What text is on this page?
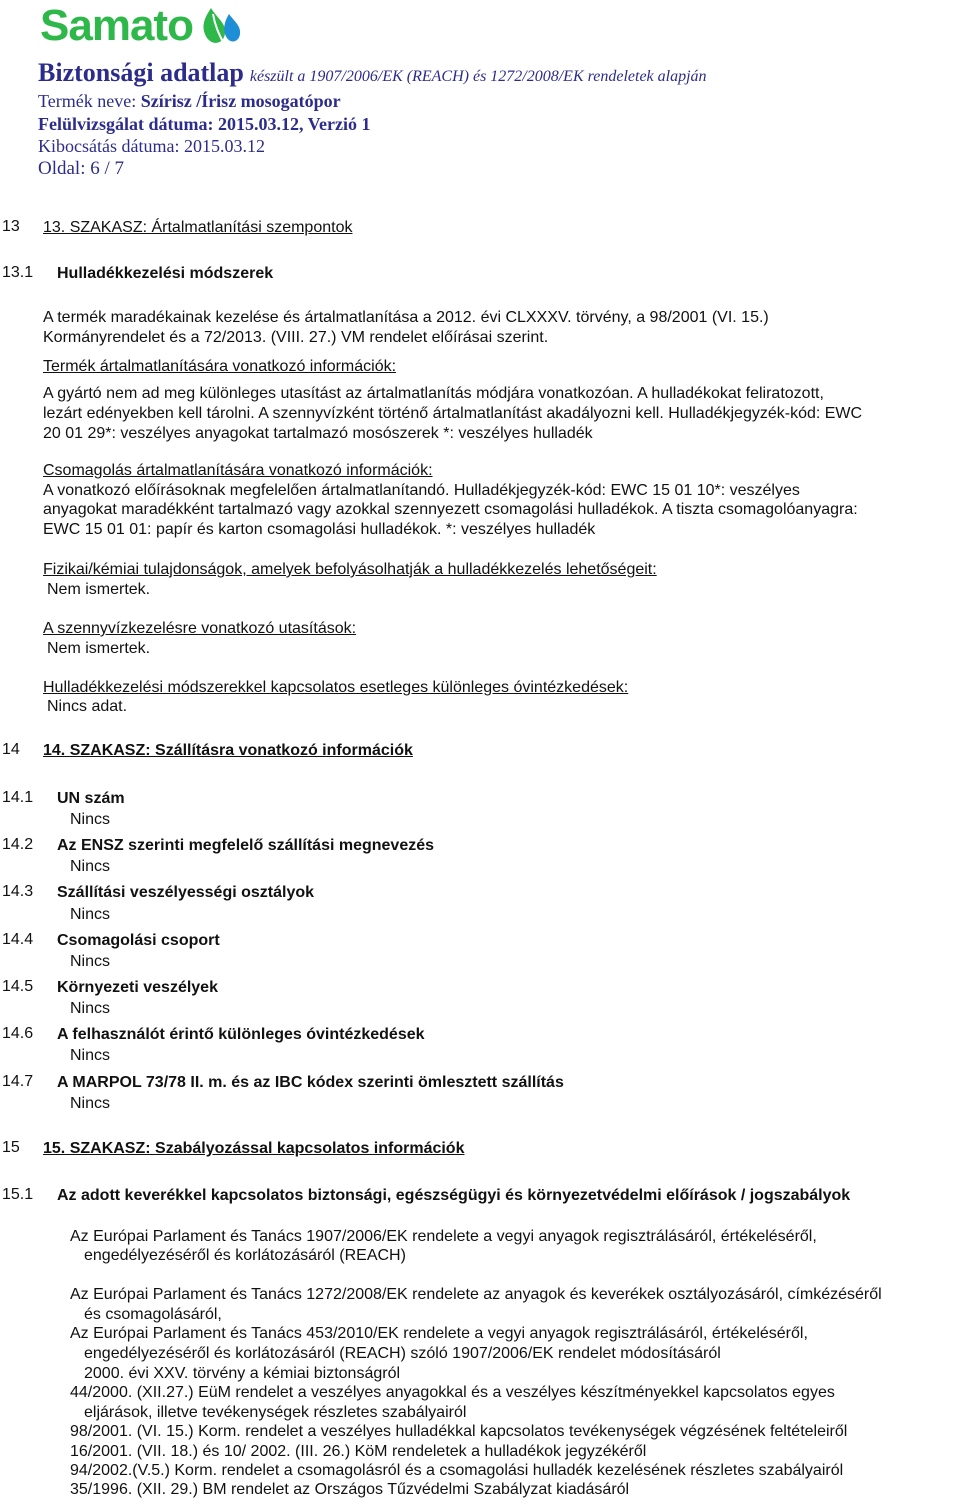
Samato
Biztonsági adatlap készült a 1907/2006/EK (REACH) és 1272/2008/EK rendeletek alapján
Termék neve: Szírisz /Írisz mosogatópor
Felülvizsgálat dátuma: 2015.03.12, Verzió 1
Kibocsátás dátuma: 2015.03.12
Oldal: 6 / 7
13 13. SZAKASZ: Ártalmatlanítási szempontok
13.1 Hulladékkezelési módszerek
A termék maradékainak kezelése és ártalmatlanítása a 2012. évi CLXXXV. törvény, a 98/2001 (VI. 15.)
Kormányrendelet és a 72/2013. (VIII. 27.) VM rendelet előírásai szerint.
Termék ártalmatlanítására vonatkozó információk:
A gyártó nem ad meg különleges utasítást az ártalmatlanítás módjára vonatkozóan. A hulladékokat feliratozott,
lezárt edényekben kell tárolni. A szennyvízként történő ártalmatlanítást akadályozni kell. Hulladékjegyzék-kód: EWC
20 01 29*: veszélyes anyagokat tartalmazó mosószerek *: veszélyes hulladék
Csomagolás ártalmatlanítására vonatkozó információk:
A vonatkozó előírásoknak megfelelően ártalmatlanítandó. Hulladékjegyzék-kód: EWC 15 01 10*: veszélyes
anyagokat maradékként tartalmazó vagy azokkal szennyezett csomagolási hulladékok. A tiszta csomagolóanyagra:
EWC 15 01 01: papír és karton csomagolási hulladékok. *: veszélyes hulladék
Fizikai/kémiai tulajdonságok, amelyek befolyásolhatják a hulladékkezelés lehetőségeit:
Nem ismertek.
A szennyvízkezelésre vonatkozó utasítások:
Nem ismertek.
Hulladékkezelési módszerekkel kapcsolatos esetleges különleges óvintézkedések:
Nincs adat.
14 14. SZAKASZ: Szállításra vonatkozó információk
14.1 UN szám
Nincs
14.2 Az ENSZ szerinti megfelelő szállítási megnevezés
Nincs
14.3 Szállítási veszélyességi osztályok
Nincs
14.4 Csomagolási csoport
Nincs
14.5 Környezeti veszélyek
Nincs
14.6 A felhasználót érintő különleges óvintézkedések
Nincs
14.7 A MARPOL 73/78 II. m. és az IBC kódex szerinti ömlesztett szállítás
Nincs
15 15. SZAKASZ: Szabályozással kapcsolatos információk
15.1 Az adott keverékkel kapcsolatos biztonsági, egészségügyi és környezetvédelmi előírások / jogszabályok
Az Európai Parlament és Tanács 1907/2006/EK rendelete a vegyi anyagok regisztrálásáról, értékeléséről,
engedélyezéséről és korlátozásáról (REACH)
Az Európai Parlament és Tanács 1272/2008/EK rendelete az anyagok és keverékek osztályozásáról, címkézéséről
és csomagolásáról,
Az Európai Parlament és Tanács 453/2010/EK rendelete a vegyi anyagok regisztrálásáról, értékeléséről,
engedélyezéséről és korlátozásáról (REACH) szóló 1907/2006/EK rendelet módosításáról
2000. évi XXV. törvény a kémiai biztonságról
44/2000. (XII.27.) EüM rendelet a veszélyes anyagokkal és a veszélyes készítményekkel kapcsolatos egyes
eljárások, illetve tevékenységek részletes szabályairól
98/2001. (VI. 15.) Korm. rendelet a veszélyes hulladékkal kapcsolatos tevékenységek végzésének feltételeiről
16/2001. (VII. 18.) és 10/ 2002. (III. 26.) KöM rendeletek a hulladékok jegyzékéről
94/2002.(V.5.) Korm. rendelet a csomagolásról és a csomagolási hulladék kezelésének részletes szabályairól
35/1996. (XII. 29.) BM rendelet az Országos Tűzvédelmi Szabályzat kiadásáról
